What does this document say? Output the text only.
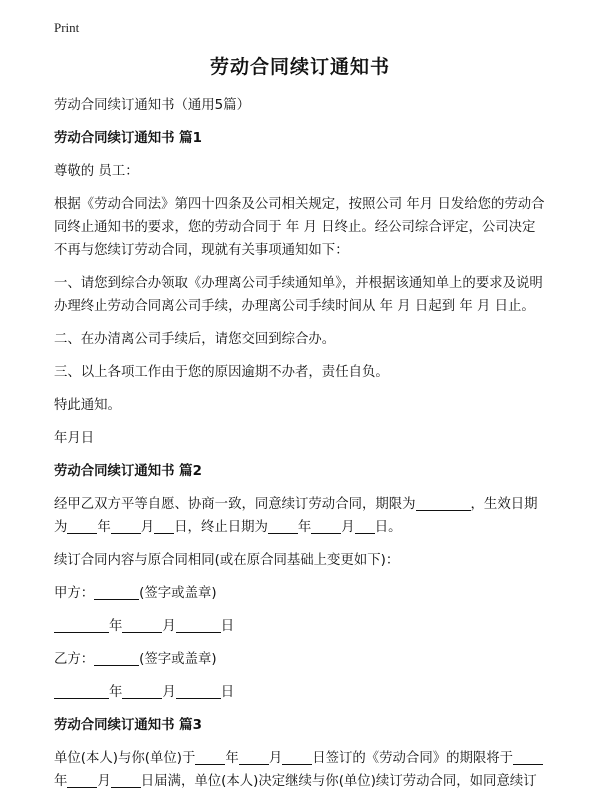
Print
劳动合同续订通知书

劳动合同续订通知书（通用5篇）

劳动合同续订通知书 篇1

尊敬的 员工：

根据《劳动合同法》第四十四条及公司相关规定，按照公司 年月 日发给您的劳动合同终止通知书的要求，您的劳动合同于 年 月 日终止。经公司综合评定，公司决定不再与您续订劳动合同，现就有关事项通知如下：

一、请您到综合办领取《办理离公司手续通知单》，并根据该通知单上的要求及说明办理终止劳动合同离公司手续，办理离公司手续时间从 年 月 日起到 年 月 日止。

二、在办清离公司手续后，请您交回到综合办。

三、以上各项工作由于您的原因逾期不办者，责任自负。

特此通知。

年月日

劳动合同续订通知书 篇2

经甲乙双方平等自愿、协商一致，同意续订劳动合同，期限为	，生效日期为 年 月 日，终止日期为 年 月 日。

续订合同内容与原合同相同(或在原合同基础上变更如下)：

甲方：	(签字或盖章)

年	月	日

乙方：	(签字或盖章)

年	月	日

劳动合同续订通知书 篇3

单位(本人)与你(单位)于 年 月 日签订的《劳动合同》的期限将于年 月 日届满，单位(本人)决定继续与你(单位)续订劳动合同，如同意续订
